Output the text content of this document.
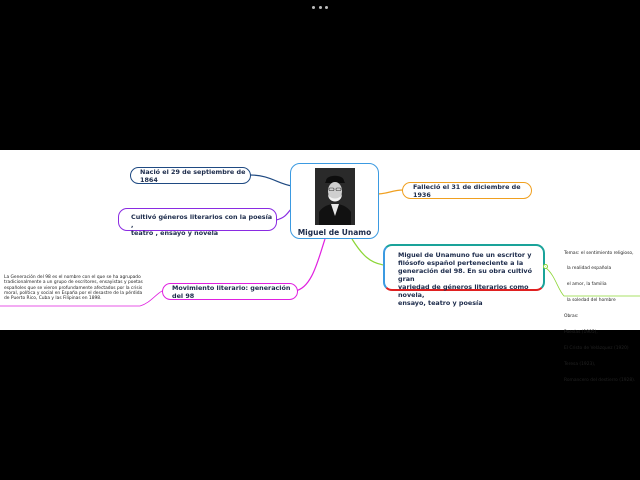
Miguel de Unamo
Nació el 29 de septiembre de 1864
Cultivó géneros literarios con la poesía ,
teatro , ensayo y novela
Movimiento literario: generación del 98
Falleció el 31 de diciembre de 1936
Miguel de Unamuno fue un escritor y
filósofo español perteneciente a la
generación del 98. En su obra cultivó gran
variedad de géneros literarios como novela,
ensayo, teatro y poesía
-
La Generación del 98 es el nombre con el que se ha agrupado
tradicionalmente a un grupo de escritores, ensayistas y poetas
españoles que se vieron profundamente afectados por la crisis
moral, política y social en España por el desastre de la pérdida
de Puerto Rico, Cuba y las Filipinas en 1898.

Temas: el sentimiento religioso,

la realidad española

el amor, la familia

la soledad del hombre

Obras:

Poesías (1905),

El Cristo de Velázquez (1920)

Teresa (1923),

Romancero del destierro (1928).
